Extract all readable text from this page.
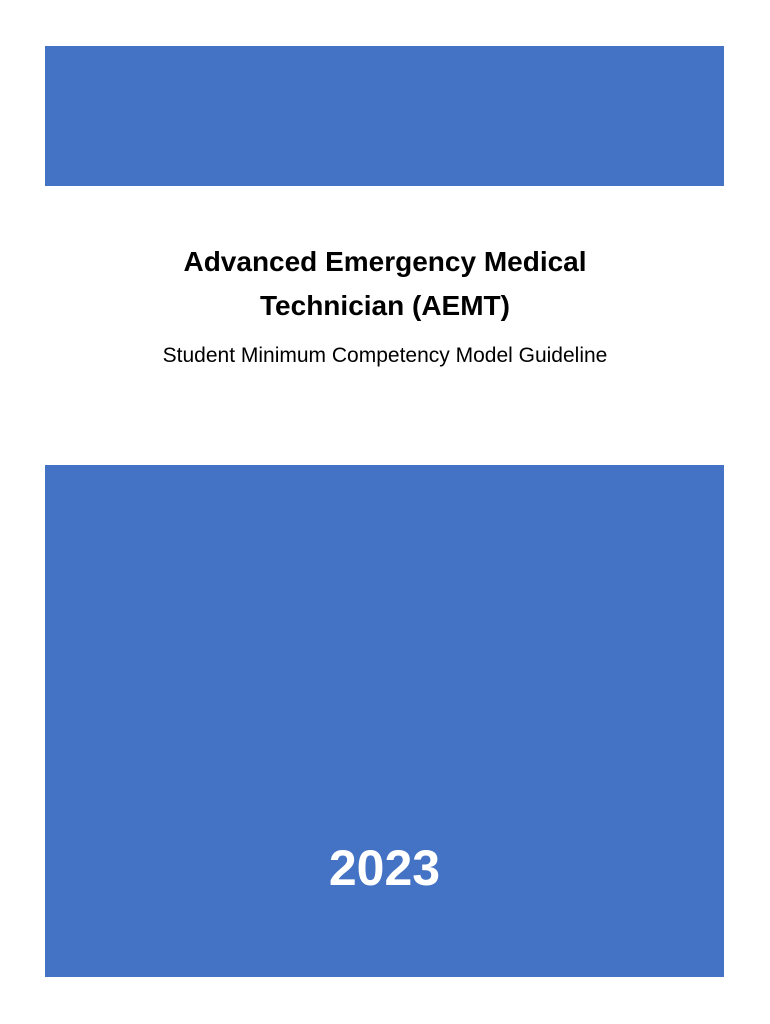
Advanced Emergency Medical
Technician (AEMT)
Student Minimum Competency Model Guideline
2023
